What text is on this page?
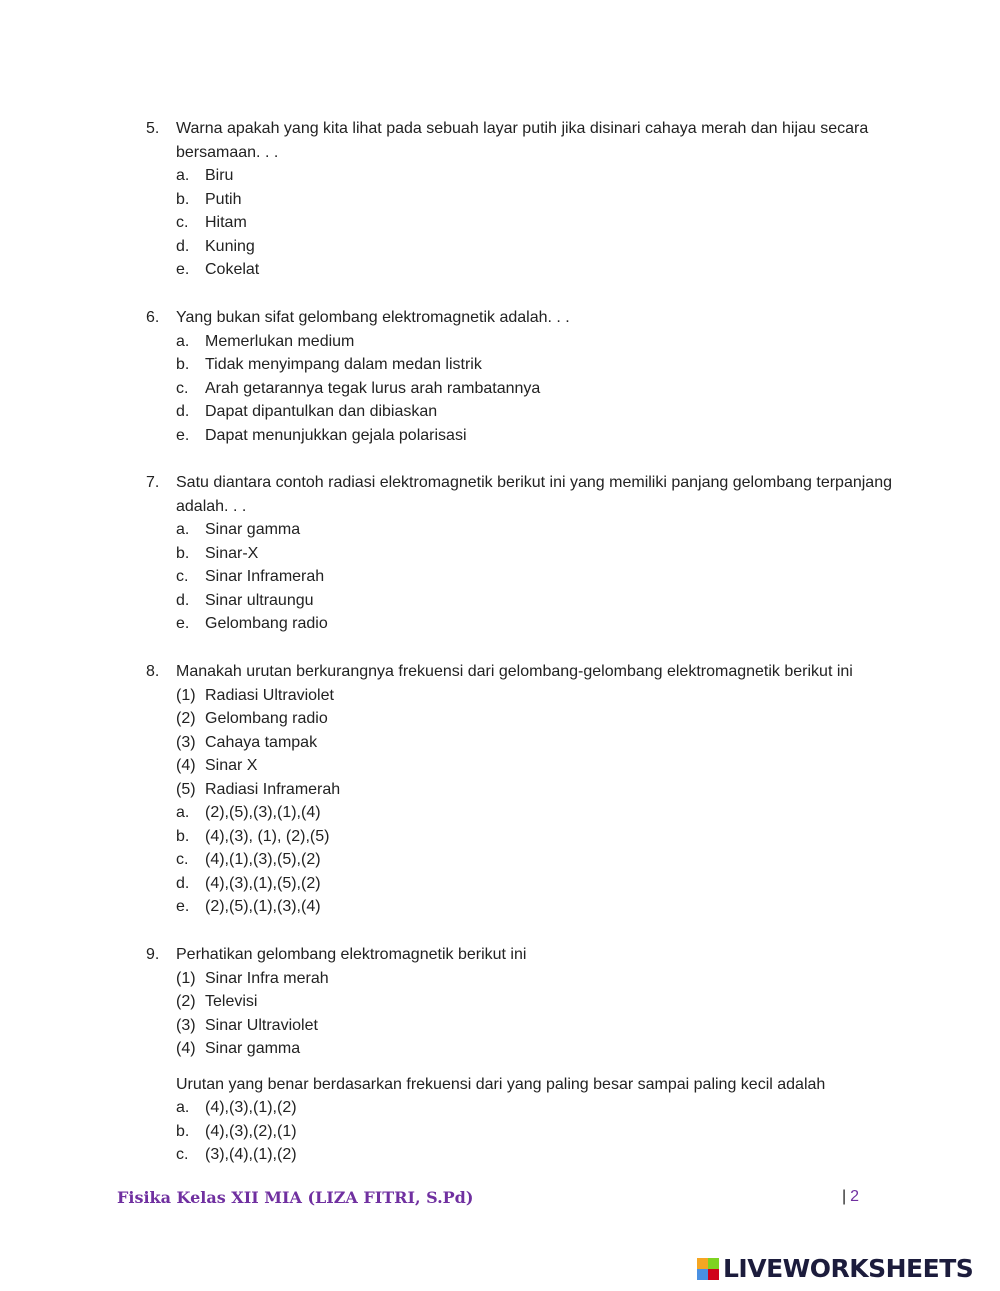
5.	Warna apakah yang kita lihat pada sebuah layar putih jika disinari cahaya merah dan hijau secara bersamaan. . .
a. Biru
b. Putih
c.	Hitam
d. Kuning
e. Cokelat
6.	Yang bukan sifat gelombang elektromagnetik adalah. . .
a. Memerlukan medium
b. Tidak menyimpang dalam medan listrik
c.	Arah getarannya tegak lurus arah rambatannya
d. Dapat dipantulkan dan dibiaskan
e. Dapat menunjukkan gejala polarisasi
7.	Satu diantara contoh radiasi elektromagnetik berikut ini yang memiliki panjang gelombang terpanjang adalah. . .
a. Sinar gamma
b. Sinar-X
c.	Sinar Inframerah
d. Sinar ultraungu
e. Gelombang radio
8.	Manakah urutan berkurangnya frekuensi dari gelombang-gelombang elektromagnetik berikut ini
(1) Radiasi Ultraviolet
(2) Gelombang radio
(3) Cahaya tampak
(4) Sinar X
(5) Radiasi Inframerah
a. (2),(5),(3),(1),(4)
b. (4),(3), (1), (2),(5)
c.	(4),(1),(3),(5),(2)
d. (4),(3),(1),(5),(2)
e. (2),(5),(1),(3),(4)
9.	Perhatikan gelombang elektromagnetik berikut ini
(1) Sinar Infra merah
(2) Televisi
(3) Sinar Ultraviolet
(4) Sinar gamma
Urutan yang benar berdasarkan frekuensi dari yang paling besar sampai paling kecil adalah
a. (4),(3),(1),(2)
b. (4),(3),(2),(1)
c.	(3),(4),(1),(2)
Fisika Kelas XII MIA (LIZA FITRI, S.Pd)	| 2
LIVEWORKSHEETS
